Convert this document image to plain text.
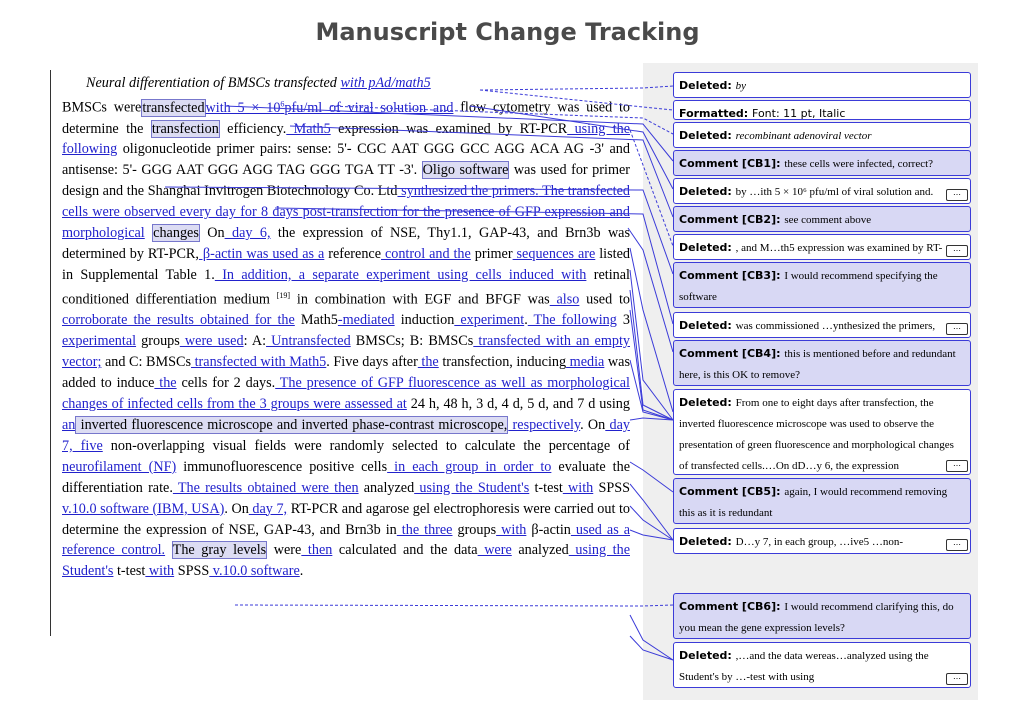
Manuscript Change Tracking

Neural differentiation of BMSCs transfected with pAd/math5

BMSCs weretransfectedwith $5 \times 10^6pfu/ml$ of viral solution and flow cytometry was used to determine the transfection efficiency. Math5 expression was examined by RT-PCR using the following oligonucleotide primer pairs: sense: 5'- CGC AAT GGG GCC AGG ACA AG -3' and antisense: 5'- GGG AAT GGG AGG TAG GGG TGA TT -3'. Oligo software was used for primer design and the Shanghai Invitrogen Biotechnology Co. Ltd synthesized the primers. The transfected cells were observed every day for 8 days post-transfection for the presence of GFP expression and morphological changes On day 6, the expression of NSE, Thy1.1, GAP-43, and Brn3b was determined by RT-PCR, β-actin was used as a reference control and the primer sequences are listed in Supplemental Table 1. In addition, a separate experiment using cells induced with retinal conditioned differentiation medium [19] in combination with EGF and BFGF was also used to corroborate the results obtained for the Math5-mediated induction experiment. The following 3 experimental groups were used: A: Untransfected BMSCs; B: BMSCs transfected with an empty vector; and C: BMSCs transfected with Math5. Five days after the transfection, inducing media was added to induce the cells for 2 days. The presence of GFP fluorescence as well as morphological changes of infected cells from the 3 groups were assessed at 24 h, 48 h, 3 d, 4 d, 5 d, and 7 d using an inverted fluorescence microscope and inverted phase-contrast microscope, respectively. On day 7, five non-overlapping visual fields were randomly selected to calculate the percentage of neurofilament (NF) immunofluorescence positive cells in each group in order to evaluate the differentiation rate. The results obtained were then analyzed using the Student's t-test with SPSS v.10.0 software (IBM, USA). On day 7, RT-PCR and agarose gel electrophoresis were carried out to determine the expression of NSE, GAP-43, and Brn3b in the three groups with β-actin used as a reference control. The gray levels were then calculated and the data were analyzed using the Student's t-test with SPSS v.10.0 software.

Deleted: by
Formatted: Font: 11 pt, Italic
Deleted: recombinant adenoviral vector
Comment [CB1]: these cells were infected, correct?
Deleted: by …ith 5 × 10⁶ pfu/ml of viral solution and.	…
Comment [CB2]: see comment above
Deleted: , and M…th5 expression was examined by RT-	…
Comment [CB3]: I would recommend specifying the software
Deleted: was commissioned …ynthesized the primers,	…
Comment [CB4]: this is mentioned before and redundant here, is this OK to remove?
Deleted: From one to eight days after transfection, the inverted fluorescence microscope was used to observe the presentation of green fluorescence and morphological changes of transfected cells.…On dD…y 6, the expression	…
Comment [CB5]: again, I would recommend removing this as it is redundant
Deleted: D…y 7, in each group, …ive5 …non-	…
Comment [CB6]: I would recommend clarifying this, do you mean the gene expression levels?
Deleted: ,…and the data wereas…analyzed using the Student's by …-test with using	…
